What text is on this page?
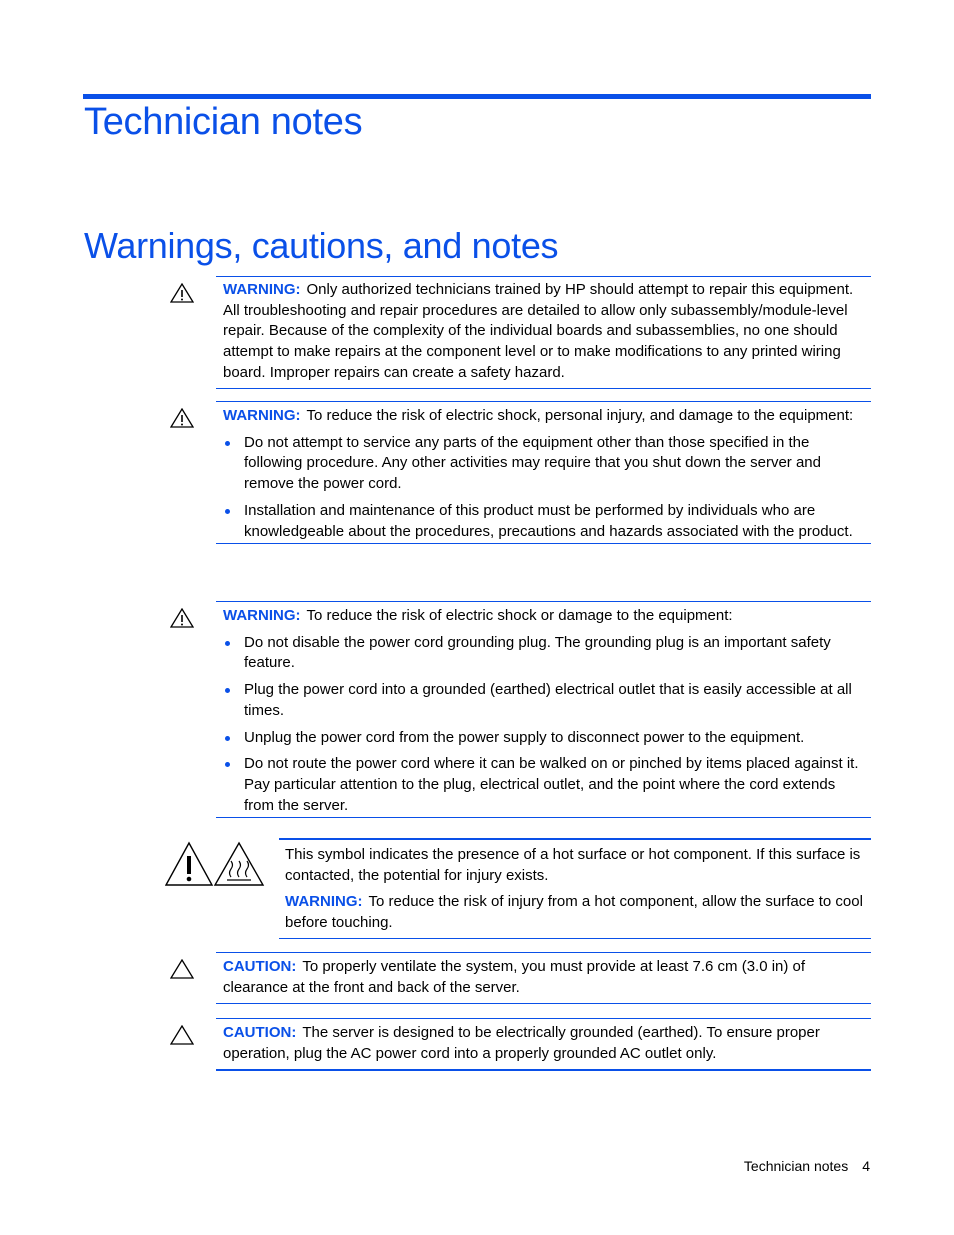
Technician notes
Warnings, cautions, and notes
WARNING: Only authorized technicians trained by HP should attempt to repair this equipment. All troubleshooting and repair procedures are detailed to allow only subassembly/module-level repair. Because of the complexity of the individual boards and subassemblies, no one should attempt to make repairs at the component level or to make modifications to any printed wiring board. Improper repairs can create a safety hazard.
WARNING: To reduce the risk of electric shock, personal injury, and damage to the equipment:
Do not attempt to service any parts of the equipment other than those specified in the following procedure. Any other activities may require that you shut down the server and remove the power cord.
Installation and maintenance of this product must be performed by individuals who are knowledgeable about the procedures, precautions and hazards associated with the product.
WARNING: To reduce the risk of electric shock or damage to the equipment:
Do not disable the power cord grounding plug. The grounding plug is an important safety feature.
Plug the power cord into a grounded (earthed) electrical outlet that is easily accessible at all times.
Unplug the power cord from the power supply to disconnect power to the equipment.
Do not route the power cord where it can be walked on or pinched by items placed against it. Pay particular attention to the plug, electrical outlet, and the point where the cord extends from the server.

This symbol indicates the presence of a hot surface or hot component. If this surface is contacted, the potential for injury exists.

WARNING: To reduce the risk of injury from a hot component, allow the surface to cool before touching.

CAUTION: To properly ventilate the system, you must provide at least 7.6 cm (3.0 in) of clearance at the front and back of the server.
CAUTION: The server is designed to be electrically grounded (earthed). To ensure proper operation, plug the AC power cord into a properly grounded AC outlet only.
Technician notes 4
